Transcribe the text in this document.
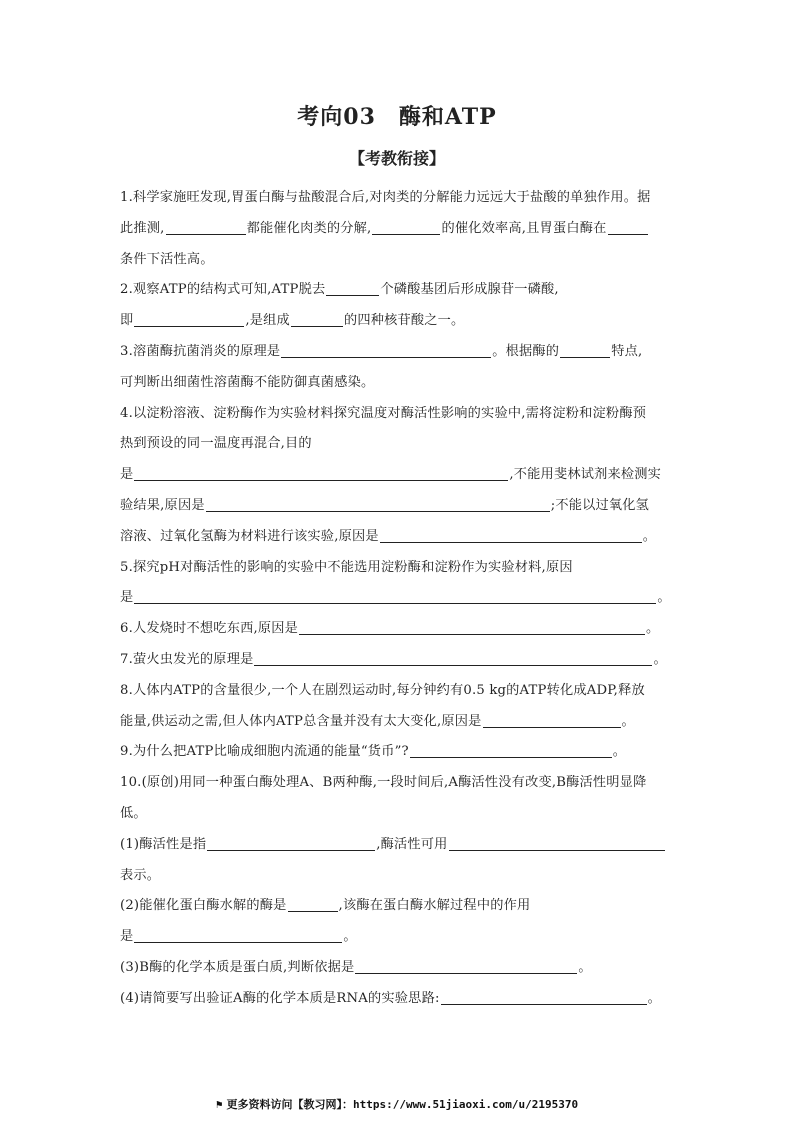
考向03　酶和ATP
【考教衔接】
1.科学家施旺发现,胃蛋白酶与盐酸混合后,对肉类的分解能力远远大于盐酸的单独作用。据
此推测,	都能催化肉类的分解,	的催化效率高,且胃蛋白酶在
条件下活性高。
2.观察ATP的结构式可知,ATP脱去	个磷酸基团后形成腺苷一磷酸,
即	,是组成	的四种核苷酸之一。
3.溶菌酶抗菌消炎的原理是	。根据酶的	特点,
可判断出细菌性溶菌酶不能防御真菌感染。
4.以淀粉溶液、淀粉酶作为实验材料探究温度对酶活性影响的实验中,需将淀粉和淀粉酶预
热到预设的同一温度再混合,目的
是	,不能用斐林试剂来检测实
验结果,原因是	;不能以过氧化氢
溶液、过氧化氢酶为材料进行该实验,原因是	。
5.探究pH对酶活性的影响的实验中不能选用淀粉酶和淀粉作为实验材料,原因
是	。
6.人发烧时不想吃东西,原因是	。
7.萤火虫发光的原理是	。
8.人体内ATP的含量很少,一个人在剧烈运动时,每分钟约有0.5 kg的ATP转化成ADP,释放
能量,供运动之需,但人体内ATP总含量并没有太大变化,原因是	。
9.为什么把ATP比喻成细胞内流通的能量“货币”?	。
10.(原创)用同一种蛋白酶处理A、B两种酶,一段时间后,A酶活性没有改变,B酶活性明显降
低。
(1)酶活性是指	,酶活性可用
表示。
(2)能催化蛋白酶水解的酶是	,该酶在蛋白酶水解过程中的作用
是	。
(3)B酶的化学本质是蛋白质,判断依据是	。
(4)请简要写出验证A酶的化学本质是RNA的实验思路:	。
⚑ 更多资料访问【教习网】：https://www.51jiaoxi.com/u/2195370
